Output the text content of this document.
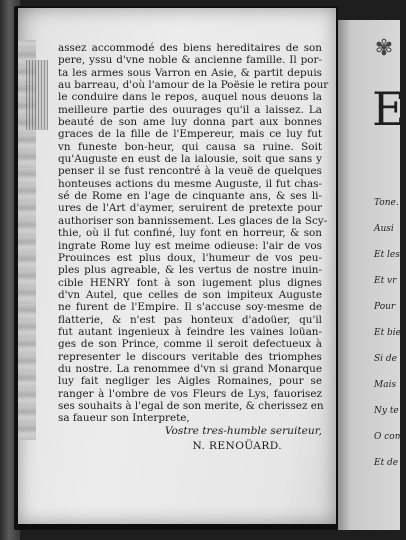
assez accommodé des biens hereditaires de son
pere, yssu d'vne noble & ancienne famille. Il por-
ta les armes sous Varron en Asie, & partit depuis
au barreau, d'où l'amour de la Poësie le retira pour
le conduire dans le repos, auquel nous deuons la
meilleure partie des ouurages qu'il a laissez. La
beauté de son ame luy donna part aux bonnes
graces de la fille de l'Empereur, mais ce luy fut
vn funeste bon-heur, qui causa sa ruine. Soit
qu'Auguste en eust de la ialousie, soit que sans y
penser il se fust rencontré à la veuë de quelques
honteuses actions du mesme Auguste, il fut chas-
sé de Rome en l'age de cinquante ans, & ses li-
ures de l'Art d'aymer, seruirent de pretexte pour
authoriser son bannissement. Les glaces de la Scy-
thie, où il fut confiné, luy font en horreur, & son
ingrate Rome luy est meime odieuse: l'air de vos
Prouinces est plus doux, l'humeur de vos peu-
ples plus agreable, & les vertus de nostre inuin-
cible HENRY font à son iugement plus dignes
d'vn Autel, que celles de son impiteux Auguste
ne furent de l'Empire. Il s'accuse soy-mesme de
flatterie, & n'est pas honteux d'adoüer, qu'il
fut autant ingenieux à feindre les vaines loüan-
ges de son Prince, comme il seroit defectueux à
representer le discours veritable des triomphes
du nostre. La renommee d'vn si grand Monarque
luy fait negliger les Aigles Romaines, pour se
ranger à l'ombre de vos Fleurs de Lys, fauorisez
ses souhaits à l'egal de son merite, & cherissez en
sa faueur son Interprete,
Vostre tres-humble seruiteur,
N. RENOÜARD.
✾
E
Tone.
Ausi
Et les
Et vr
Pour
Et bie
Si de
Mais
Ny te
O com
Et de
